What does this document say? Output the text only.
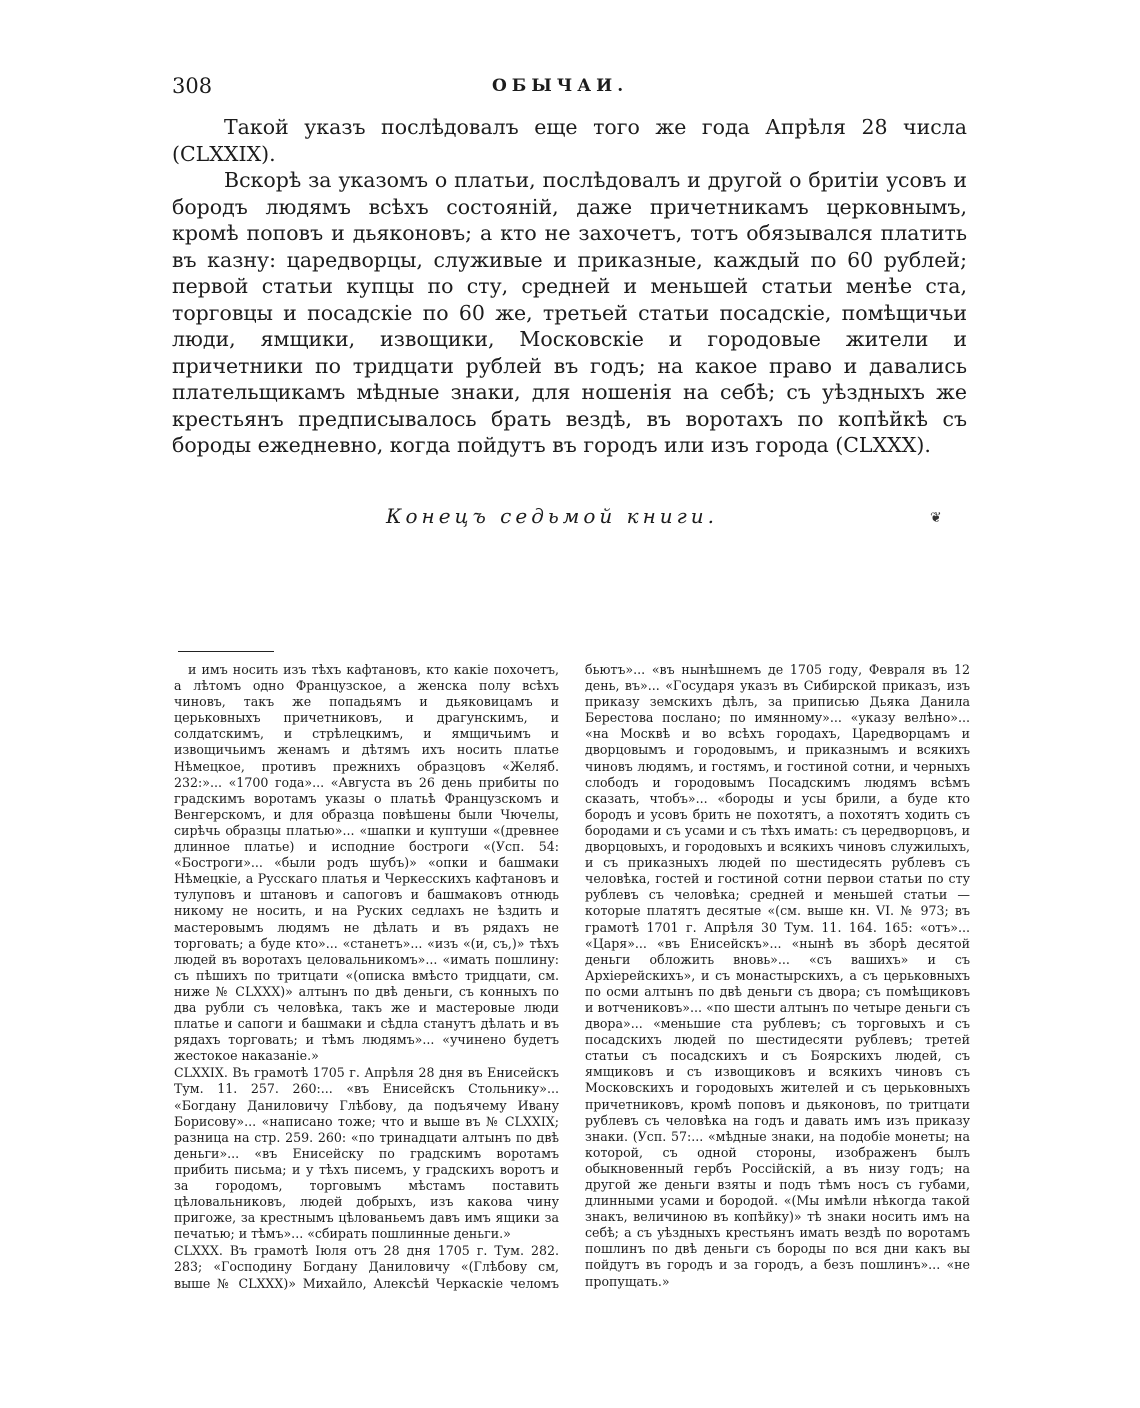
308	ОБЫЧАИ.

Такой указъ послѣдовалъ еще того же года Апрѣля 28 числа (CLXXIX).

Вскорѣ за указомъ о платьи, послѣдовалъ и другой о бритіи усовъ и бородъ людямъ всѣхъ состояній, даже причетникамъ церковнымъ, кромѣ поповъ и дьяконовъ; а кто не захочетъ, тотъ обязывался платить въ казну: царедворцы, служивые и приказные, каждый по 60 рублей; первой статьи купцы по сту, средней и меньшей статьи менѣе ста, торговцы и посадскіе по 60 же, третьей статьи посадскіе, помѣщичьи люди, ямщики, извощики, Московскіе и городовые жители и причетники по тридцати рублей въ годъ; на какое право и давались плательщикамъ мѣдные знаки, для ношенія на себѣ; съ уѣздныхъ же крестьянъ предписывалось брать вездѣ, въ воротахъ по копѣйкѣ съ бороды ежедневно, когда пойдутъ въ городъ или изъ города (CLXXX).

Конецъ седьмой книги.	❦

и имъ носить изъ тѣхъ кафтановъ, кто какіе похочетъ, а лѣтомъ одно Французское, а женска полу всѣхъ чиновъ, такъ же попадьямъ и дьяковицамъ и церьковныхъ причетниковъ, и драгунскимъ, и солдатскимъ, и стрѣлецкимъ, и ямщичьимъ и извощичьимъ женамъ и дѣтямъ ихъ носить платье Нѣмецкое, противъ прежнихъ образцовъ «Желяб. 232:»... «1700 года»... «Августа въ 26 день прибиты по градскимъ воротамъ указы о платьѣ Французскомъ и Венгерскомъ, и для образца повѣшены были Чючелы, сирѣчь образцы платью»... «шапки и куптуши «(древнее длинное платье) и исподние бостроги «(Усп. 54: «Бостроги»... «были родъ шубъ)» «опки и башмаки Нѣмецкіе, а Русскаго платья и Черкесскихъ кафтановъ и тулуповъ и штановъ и сапоговъ и башмаковъ отнюдь никому не носить, и на Руских седлахъ не ѣздить и мастеровымъ людямъ не дѣлать и въ рядахъ не торговать; а буде кто»... «станетъ»... «изъ «(и, съ,)» тѣхъ людей въ воротахъ целовальникомъ»... «имать пошлину: съ пѣшихъ по тритцати «(описка вмѣсто тридцати, см. ниже № CLXXX)» алтынъ по двѣ деньги, съ конныхъ по два рубли съ человѣка, такъ же и мастеровые люди платье и сапоги и башмаки и сѣдла станутъ дѣлать и въ рядахъ торговать; и тѣмъ людямъ»... «учинено будетъ жестокое наказаніе.»

CLXXIX. Въ грамотѣ 1705 г. Апрѣля 28 дня въ Енисейскъ Тум. 11. 257. 260:... «въ Енисейскъ Стольнику»... «Богдану Даниловичу Глѣбову, да подъячему Ивану Борисову»... «написано тоже; что и выше въ № CLXXIX; разница на стр. 259. 260: «по тринадцати алтынъ по двѣ деньги»... «въ Енисейску по градскимъ воротамъ прибить письма; и у тѣхъ писемъ, у градскихъ воротъ и за городомъ, торговымъ мѣстамъ поставить цѣловальниковъ, людей добрыхъ, изъ какова чину пригоже, за крестнымъ цѣлованьемъ давъ имъ ящики за печатью; и тѣмъ»... «сбирать пошлинные деньги.»

CLXXX. Въ грамотѣ Іюля отъ 28 дня 1705 г. Тум. 282. 283; «Господину Богдану Даниловичу «(Глѣбову см, выше № CLXXX)» Михайло, Алексѣй Черкаскіе челомъ бьютъ»... «въ нынѣшнемъ де 1705 году, Февраля въ 12 день, въ»... «Государя указъ въ Сибирской приказъ, изъ приказу земскихъ дѣлъ, за приписью Дьяка Данила Берестова послано; по имянному»... «указу велѣно»... «на Москвѣ и во всѣхъ городахъ, Царедворцамъ и дворцовымъ и городовымъ, и приказнымъ и всякихъ чиновъ людямъ, и гостямъ, и гостиной сотни, и черныхъ слободъ и городовымъ Посадскимъ людямъ всѣмъ сказать, чтобъ»... «бороды и усы брили, а буде кто бородъ и усовъ брить не похотятъ, а похотятъ ходить съ бородами и съ усами и съ тѣхъ имать: съ цередворцовъ, и дворцовыхъ, и городовыхъ и всякихъ чиновъ служилыхъ, и съ приказныхъ людей по шестидесять рублевъ съ человѣка, гостей и гостиной сотни первои статьи по сту рублевъ съ человѣка; средней и меньшей статьи — которые платятъ десятые «(см. выше кн. VI. № 973; въ грамотѣ 1701 г. Апрѣля 30 Тум. 11. 164. 165: «отъ»... «Царя»... «въ Енисейскъ»... «нынѣ въ зборѣ десятой деньги обложить вновь»... «съ вашихъ» и съ Архіерейскихъ», и съ монастырскихъ, а съ церьковныхъ по осми алтынъ по двѣ деньги съ двора; съ помѣщиковъ и вотчениковъ»... «по шести алтынъ по четыре деньги съ двора»... «меньшие ста рублевъ; съ торговыхъ и съ посадскихъ людей по шестидесяти рублевъ; третей статьи съ посадскихъ и съ Боярскихъ людей, съ ямщиковъ и съ извощиковъ и всякихъ чиновъ съ Московскихъ и городовыхъ жителей и съ церьковныхъ причетниковъ, кромѣ поповъ и дьяконовъ, по тритцати рублевъ съ человѣка на годъ и давать имъ изъ приказу знаки. (Усп. 57:... «мѣдные знаки, на подобіе монеты; на которой, съ одной стороны, изображенъ былъ обыкновенный гербъ Россійскій, а въ низу годъ; на другой же деньги взяты и подъ тѣмъ носъ съ губами, длинными усами и бородой. «(Мы имѣли нѣкогда такой знакъ, величиною въ копѣйку)» тѣ знаки носить имъ на себѣ; а съ уѣздныхъ крестьянъ имать вездѣ по воротамъ пошлинъ по двѣ деньги съ бороды по вся дни какъ вы пойдутъ въ городъ и за городъ, а безъ пошлинъ»... «не пропущать.»
